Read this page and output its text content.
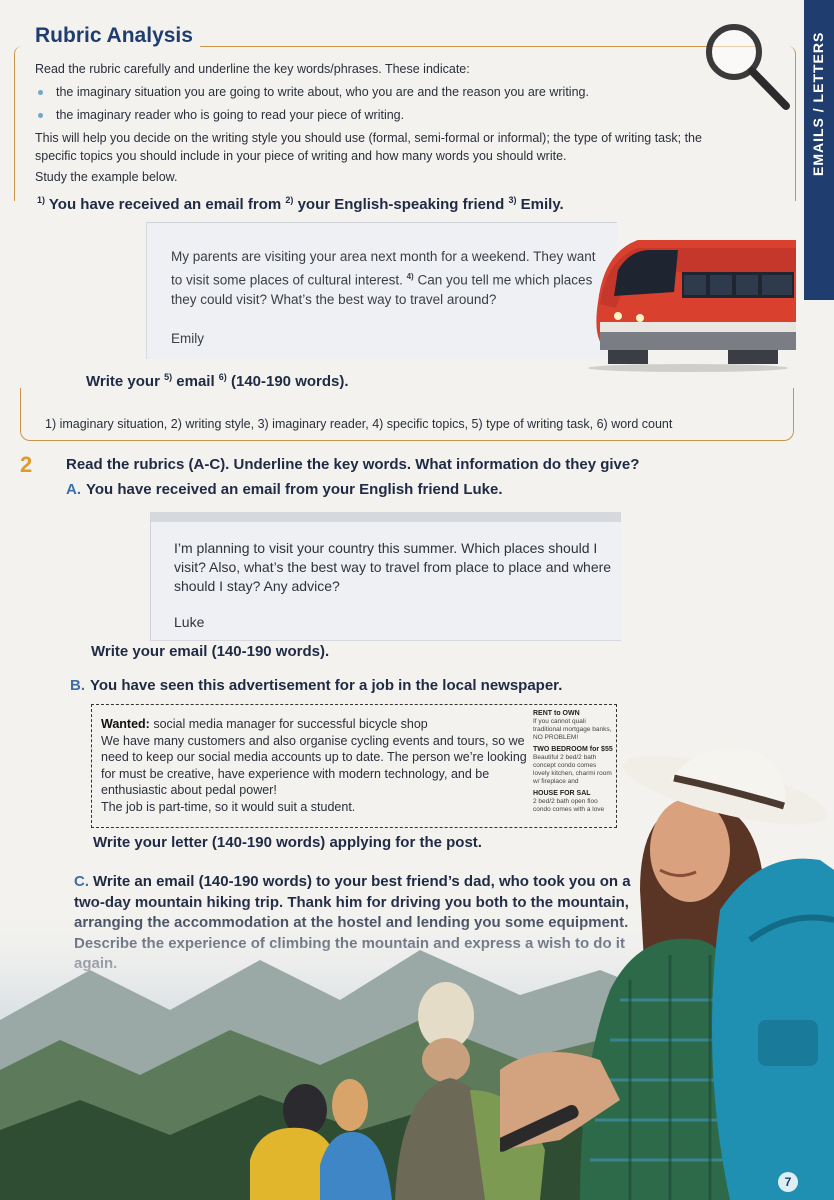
EMAILS / LETTERS
Rubric Analysis

Read the rubric carefully and underline the key words/phrases. These indicate:

the imaginary situation you are going to write about, who you are and the reason you are writing.
the imaginary reader who is going to read your piece of writing.

This will help you decide on the writing style you should use (formal, semi-formal or informal); the type of writing task; the

specific topics you should include in your piece of writing and how many words you should write.

Study the example below.

$^{1)}$ You have received an email from $^{2)}$ your English-speaking friend $^{3)}$ Emily.
My parents are visiting your area next month for a weekend. They want to visit some places of cultural interest. $^{4)}$ Can you tell me which places they could visit? What’s the best way to travel around?
Emily
Write your $^{5)}$ email $^{6)}$ (140-190 words).
1) imaginary situation, 2) writing style, 3) imaginary reader, 4) specific topics, 5) type of writing task, 6) word count
2 Read the rubrics (A-C). Underline the key words. What information do they give?
A. You have received an email from your English friend Luke.
I’m planning to visit your country this summer. Which places should I visit? Also, what’s the best way to travel from place to place and where should I stay? Any advice?
Luke
Write your email (140-190 words).
B. You have seen this advertisement for a job in the local newspaper.
Wanted: social media manager for successful bicycle shop
We have many customers and also organise cycling events and tours, so we need to keep our social media accounts up to date. The person we’re looking for must be creative, have experience with modern technology, and be enthusiastic about pedal power!
The job is part-time, so it would suit a student.
RENT to OWN
If you cannot quali traditional mortgage banks, NO PROBLEM!
TWO BEDROOM for $55
Beautiful 2 bed/2 bath concept condo comes lovely kitchen, charmi room w/ fireplace and
HOUSE FOR SAL
2 bed/2 bath open floo condo comes with a love
Write your letter (140-190 words) applying for the post.
C. Write an email (140-190 words) to your best friend’s dad, who took you on a
7
